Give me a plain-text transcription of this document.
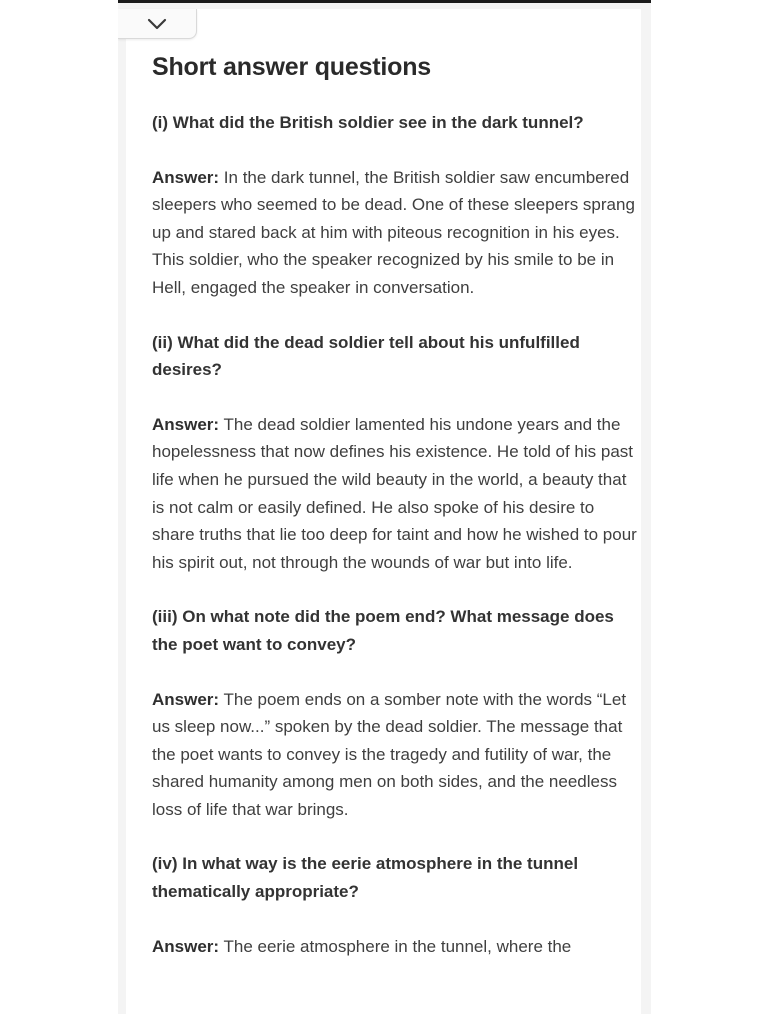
Short answer questions

(i) What did the British soldier see in the dark tunnel?

Answer: In the dark tunnel, the British soldier saw encumbered sleepers who seemed to be dead. One of these sleepers sprang up and stared back at him with piteous recognition in his eyes. This soldier, who the speaker recognized by his smile to be in Hell, engaged the speaker in conversation.

(ii) What did the dead soldier tell about his unfulfilled desires?

Answer: The dead soldier lamented his undone years and the hopelessness that now defines his existence. He told of his past life when he pursued the wild beauty in the world, a beauty that is not calm or easily defined. He also spoke of his desire to share truths that lie too deep for taint and how he wished to pour his spirit out, not through the wounds of war but into life.

(iii) On what note did the poem end? What message does the poet want to convey?

Answer: The poem ends on a somber note with the words “Let us sleep now...” spoken by the dead soldier. The message that the poet wants to convey is the tragedy and futility of war, the shared humanity among men on both sides, and the needless loss of life that war brings.

(iv) In what way is the eerie atmosphere in the tunnel thematically appropriate?

Answer: The eerie atmosphere in the tunnel, where the
